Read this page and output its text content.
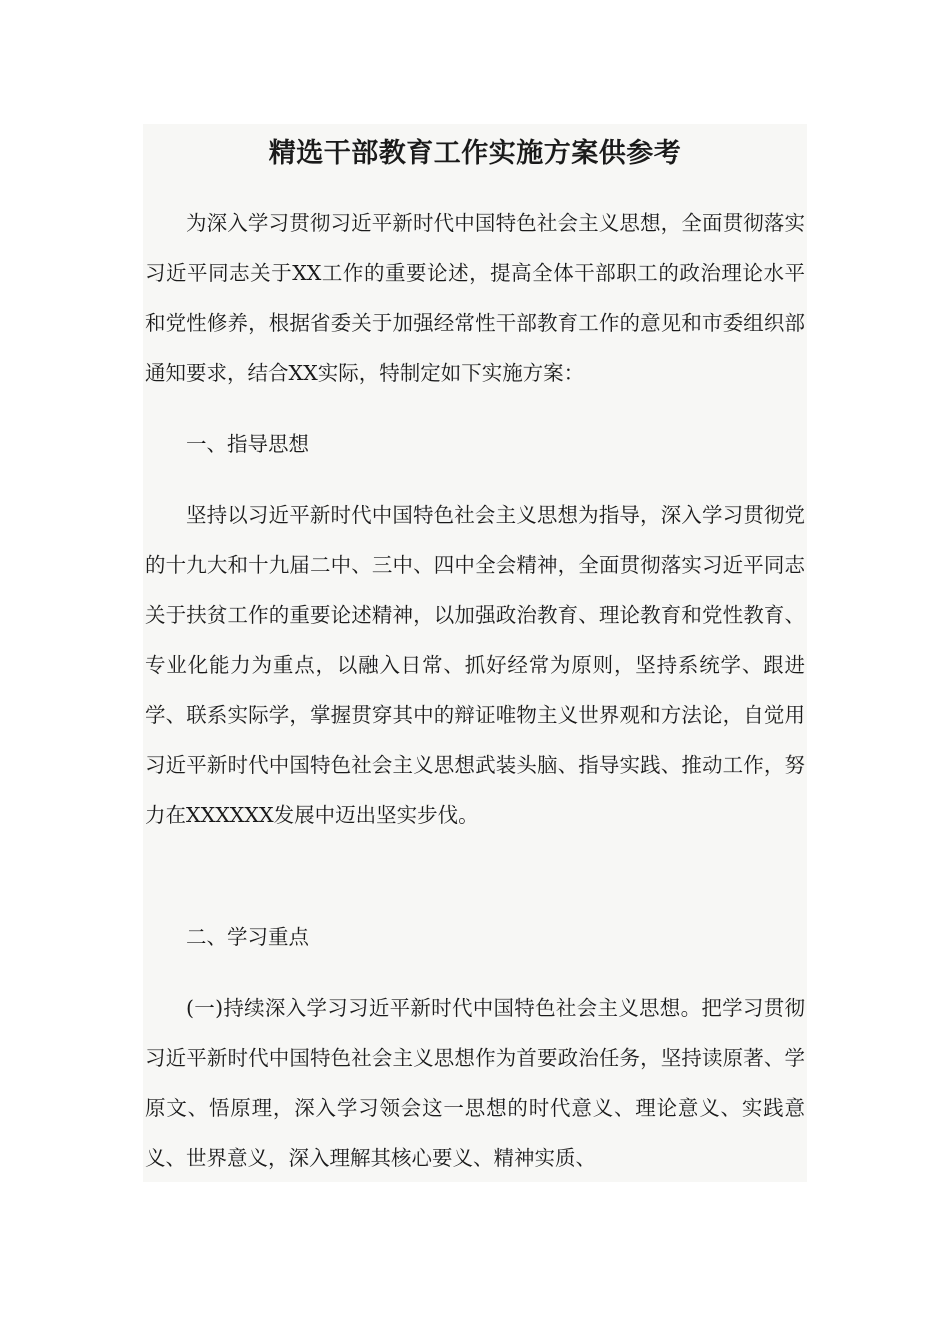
精选干部教育工作实施方案供参考

为深入学习贯彻习近平新时代中国特色社会主义思想，全面贯彻落实习近平同志关于XX工作的重要论述，提高全体干部职工的政治理论水平和党性修养，根据省委关于加强经常性干部教育工作的意见和市委组织部通知要求，结合XX实际，特制定如下实施方案：

一、指导思想

坚持以习近平新时代中国特色社会主义思想为指导，深入学习贯彻党的十九大和十九届二中、三中、四中全会精神，全面贯彻落实习近平同志关于扶贫工作的重要论述精神，以加强政治教育、理论教育和党性教育、专业化能力为重点，以融入日常、抓好经常为原则，坚持系统学、跟进学、联系实际学，掌握贯穿其中的辩证唯物主义世界观和方法论，自觉用习近平新时代中国特色社会主义思想武装头脑、指导实践、推动工作，努力在XXXXXX发展中迈出坚实步伐。

二、学习重点

(一)持续深入学习习近平新时代中国特色社会主义思想。把学习贯彻习近平新时代中国特色社会主义思想作为首要政治任务，坚持读原著、学原文、悟原理，深入学习领会这一思想的时代意义、理论意义、实践意义、世界意义，深入理解其核心要义、精神实质、
